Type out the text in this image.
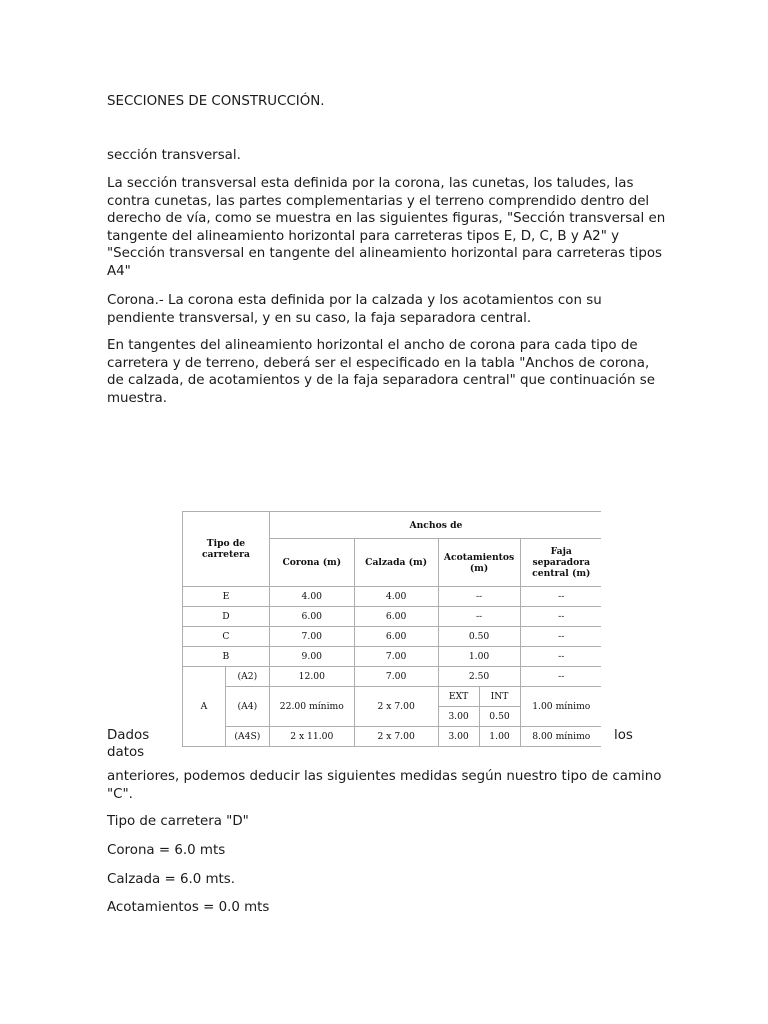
SECCIONES DE CONSTRUCCIÓN.

sección transversal.

La sección transversal esta definida por la corona, las cunetas, los taludes, las contra cunetas, las partes complementarias y el terreno comprendido dentro del derecho de vía, como se muestra en las siguientes figuras, "Sección transversal en tangente del alineamiento horizontal para carreteras tipos E, D, C, B y A2" y "Sección transversal en tangente del alineamiento horizontal para carreteras tipos A4"

Corona.- La corona esta definida por la calzada y los acotamientos con su pendiente transversal, y en su caso, la faja separadora central.

En tangentes del alineamiento horizontal el ancho de corona para cada tipo de carretera y de terreno, deberá ser el especificado en la tabla "Anchos de corona, de calzada, de acotamientos y de la faja separadora central" que continuación se muestra.

Tipo de carretera		Anchos de				
		Corona (m)	Calzada (m)	Acotamientos (m)		Faja separadora central (m)
E		4.00	4.00	--		--
D		6.00	6.00	--		--
C		7.00	6.00	0.50		--
B		9.00	7.00	1.00		--
A	(A2)	12.00	7.00	2.50		--
	(A4)	22.00 mínimo	2 x 7.00	EXT	INT	1.00 mínimo
				3.00	0.50	
	(A4S)	2 x 11.00	2 x 7.00	3.00	1.00	8.00 mínimo

Dados

datos

los

anteriores, podemos deducir las siguientes medidas según nuestro tipo de camino "C".

Tipo de carretera "D"

Corona = 6.0 mts

Calzada = 6.0 mts.

Acotamientos = 0.0 mts
